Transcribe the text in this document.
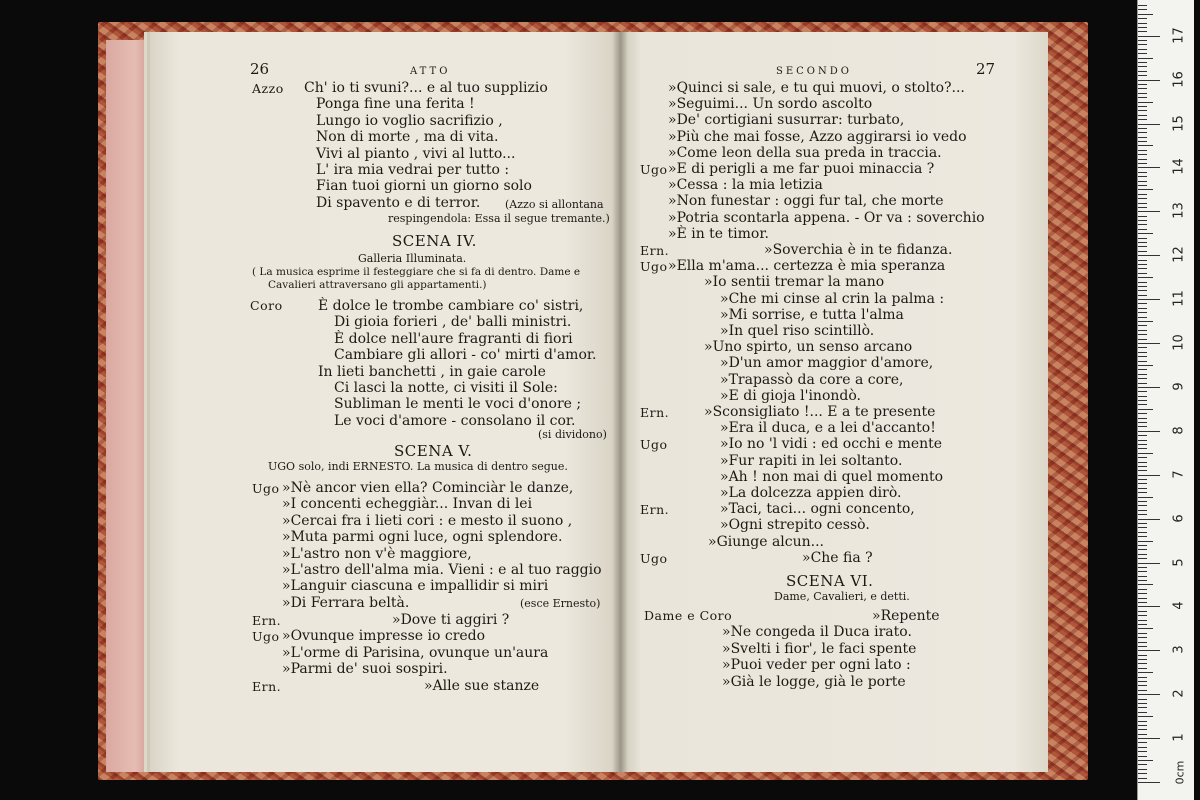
26	ATTO
Azzo Ch' io ti svuni?... e al tuo supplizio
Ponga fine una ferita !
Lungo io voglio sacrifizio ,
Non di morte , ma di vita.
Vivi al pianto , vivi al lutto...
L' ira mia vedrai per tutto :
Fian tuoi giorni un giorno solo
Di spavento e di terror. (Azzo si allontana
respingendola: Essa il segue tremante.)
SCENA IV.
Galleria Illuminata.
( La musica esprime il festeggiare che si fa di dentro. Dame e
Cavalieri attraversano gli appartamenti.)
Coro	È dolce le trombe cambiare co' sistri,
Di gioia forieri , de' balli ministri.
È dolce nell'aure fragranti di fiori
Cambiare gli allori - co' mirti d'amor.
In lieti banchetti , in gaie carole
Ci lasci la notte, ci visiti il Sole:
Subliman le menti le voci d'onore ;
Le voci d'amore - consolano il cor.
(si dividono)
SCENA V.
UGO solo, indi ERNESTO. La musica di dentro segue.
Ugo »Nè ancor vien ella? Cominciàr le danze,
»I concenti echeggiàr... Invan di lei
»Cercai fra i lieti cori : e mesto il suono ,
»Muta parmi ogni luce, ogni splendore.
»L'astro non v'è maggiore,
»L'astro dell'alma mia. Vieni : e al tuo raggio
»Languir ciascuna e impallidir si miri
»Di Ferrara beltà.	(esce Ernesto)
Ern.	»Dove ti aggiri ?
Ugo »Ovunque impresse io credo
»L'orme di Parisina, ovunque un'aura
»Parmi de' suoi sospiri.
Ern.	»Alle sue stanze
SECONDO	27
»Quinci si sale, e tu qui muovi, o stolto?...
»Seguimi... Un sordo ascolto
»De' cortigiani susurrar: turbato,
»Più che mai fosse, Azzo aggirarsi io vedo
»Come leon della sua preda in traccia.
Ugo »E di perigli a me far puoi minaccia ?
»Cessa : la mia letizia
»Non funestar : oggi fur tal, che morte
»Potria scontarla appena. - Or va : soverchio
»È in te timor.
Ern.	»Soverchia è in te fidanza.
Ugo »Ella m'ama... certezza è mia speranza
»Io sentii tremar la mano
»Che mi cinse al crin la palma :
»Mi sorrise, e tutta l'alma
»In quel riso scintillò.
»Uno spirto, un senso arcano
»D'un amor maggior d'amore,
»Trapassò da core a core,
»E di gioja l'inondò.
Ern. »Sconsigliato !... E a te presente
»Era il duca, e a lei d'accanto!
Ugo	»Io no 'l vidi : ed occhi e mente
»Fur rapiti in lei soltanto.
»Ah ! non mai di quel momento
»La dolcezza appien dirò.
Ern.	»Taci, taci... ogni concento,
»Ogni strepito cessò.
»Giunge alcun...
Ugo	»Che fia ?
SCENA VI.
Dame, Cavalieri, e detti.
Dame e Coro	»Repente
»Ne congeda il Duca irato.
»Svelti i fior', le faci spente
»Puoi veder per ogni lato :
»Già le logge, già le porte
0cm
1
2
3
4
5
6
7
8
9
10
11
12
13
14
15
16
17
